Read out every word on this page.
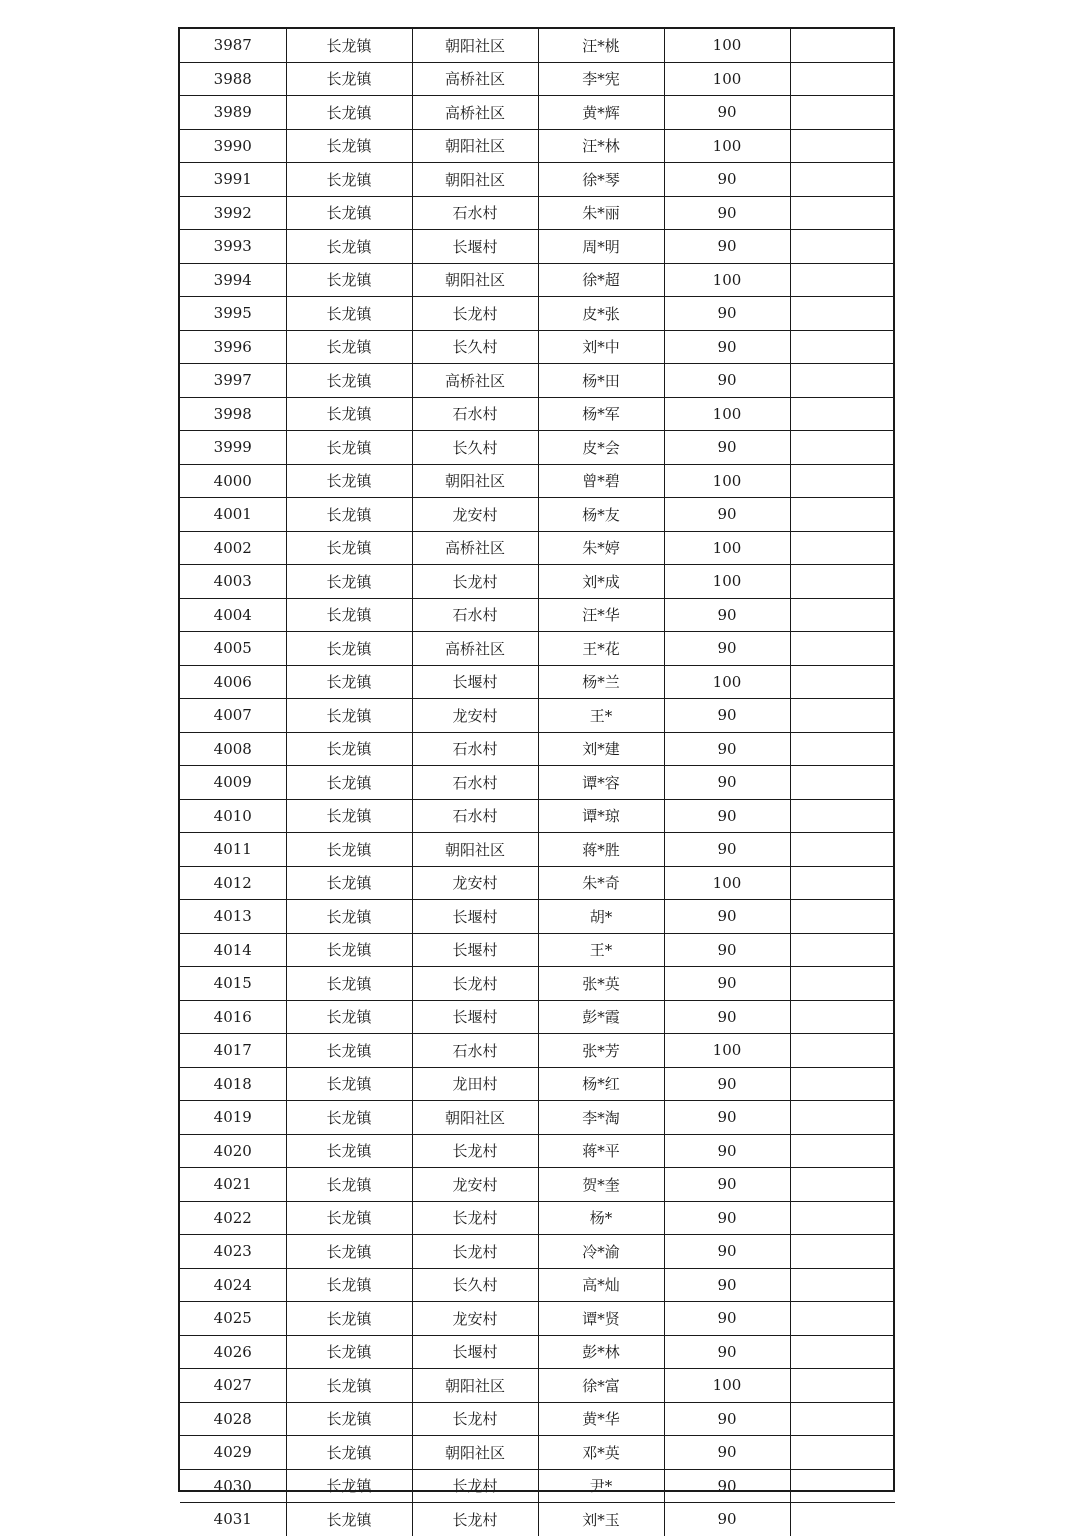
3987	长龙镇	朝阳社区	汪*桃	100	
3988	长龙镇	高桥社区	李*宪	100	
3989	长龙镇	高桥社区	黄*辉	90	
3990	长龙镇	朝阳社区	汪*林	100	
3991	长龙镇	朝阳社区	徐*琴	90	
3992	长龙镇	石水村	朱*丽	90	
3993	长龙镇	长堰村	周*明	90	
3994	长龙镇	朝阳社区	徐*超	100	
3995	长龙镇	长龙村	皮*张	90	
3996	长龙镇	长久村	刘*中	90	
3997	长龙镇	高桥社区	杨*田	90	
3998	长龙镇	石水村	杨*军	100	
3999	长龙镇	长久村	皮*会	90	
4000	长龙镇	朝阳社区	曾*碧	100	
4001	长龙镇	龙安村	杨*友	90	
4002	长龙镇	高桥社区	朱*婷	100	
4003	长龙镇	长龙村	刘*成	100	
4004	长龙镇	石水村	汪*华	90	
4005	长龙镇	高桥社区	王*花	90	
4006	长龙镇	长堰村	杨*兰	100	
4007	长龙镇	龙安村	王*	90	
4008	长龙镇	石水村	刘*建	90	
4009	长龙镇	石水村	谭*容	90	
4010	长龙镇	石水村	谭*琼	90	
4011	长龙镇	朝阳社区	蒋*胜	90	
4012	长龙镇	龙安村	朱*奇	100	
4013	长龙镇	长堰村	胡*	90	
4014	长龙镇	长堰村	王*	90	
4015	长龙镇	长龙村	张*英	90	
4016	长龙镇	长堰村	彭*霞	90	
4017	长龙镇	石水村	张*芳	100	
4018	长龙镇	龙田村	杨*红	90	
4019	长龙镇	朝阳社区	李*淘	90	
4020	长龙镇	长龙村	蒋*平	90	
4021	长龙镇	龙安村	贺*奎	90	
4022	长龙镇	长龙村	杨*	90	
4023	长龙镇	长龙村	冷*渝	90	
4024	长龙镇	长久村	高*灿	90	
4025	长龙镇	龙安村	谭*贤	90	
4026	长龙镇	长堰村	彭*林	90	
4027	长龙镇	朝阳社区	徐*富	100	
4028	长龙镇	长龙村	黄*华	90	
4029	长龙镇	朝阳社区	邓*英	90	
4030	长龙镇	长龙村	尹*	90	
4031	长龙镇	长龙村	刘*玉	90	
